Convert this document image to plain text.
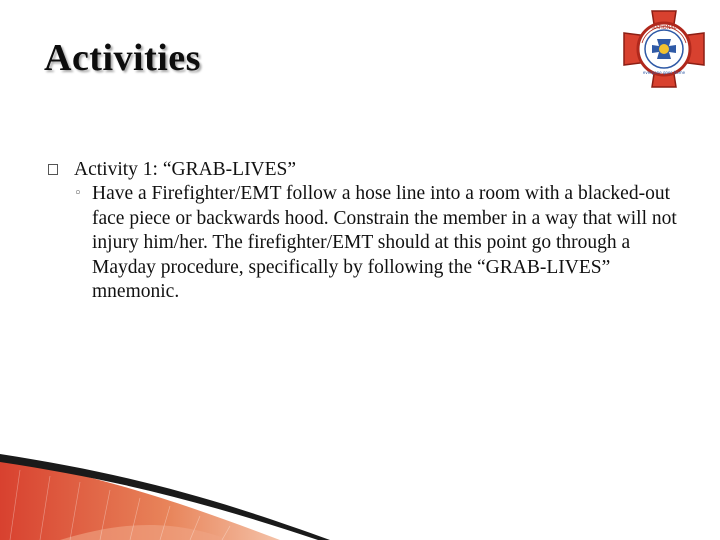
Activities
NATIONAL
everyone goes home
Activity 1: “GRAB-LIVES”
◦ Have a Firefighter/EMT follow a hose line into a room with a blacked-out face piece or backwards hood. Constrain the member in a way that will not injury him/her. The firefighter/EMT should at this point go through a Mayday procedure, specifically by following the “GRAB-LIVES” mnemonic.
